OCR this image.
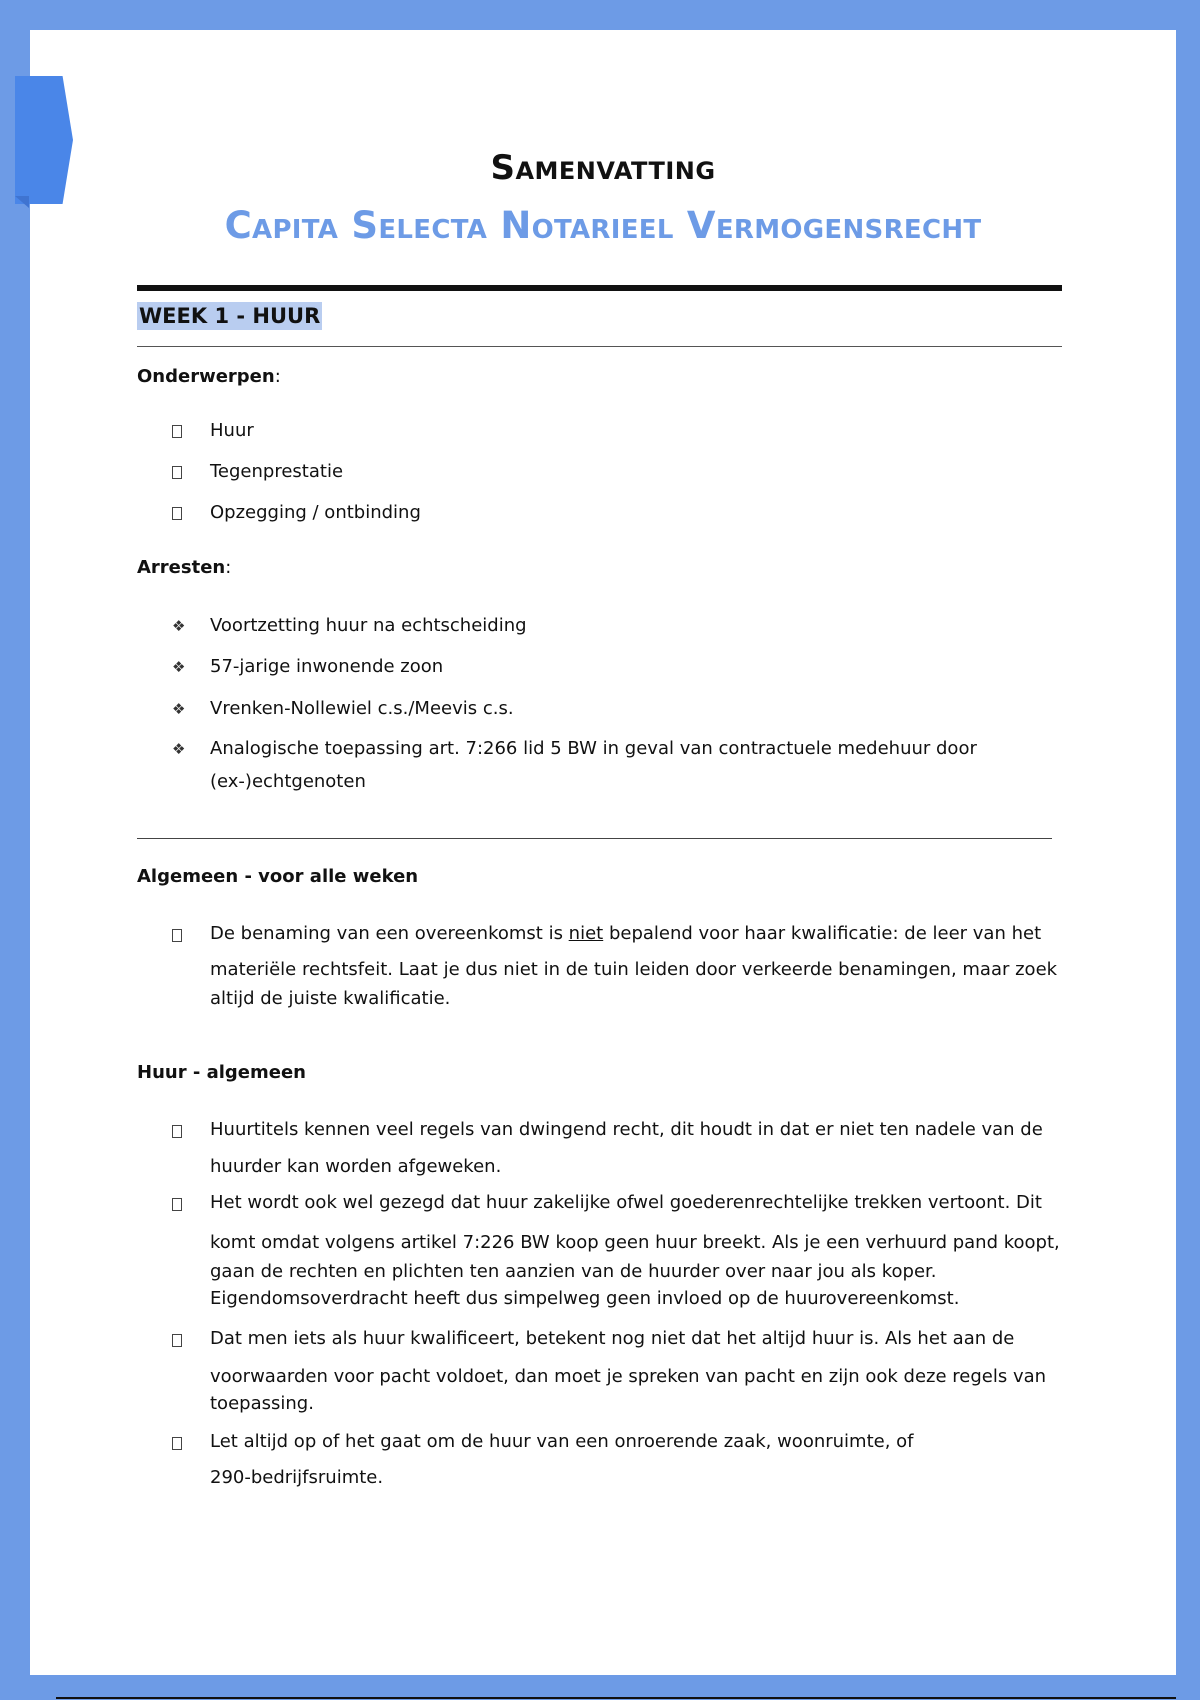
Samenvatting
Capita Selecta Notarieel Vermogensrecht
WEEK 1 - HUUR
Onderwerpen:
Huur
Tegenprestatie
Opzegging / ontbinding
Arresten:
❖ Voortzetting huur na echtscheiding
❖ 57-jarige inwonende zoon
❖ Vrenken-Nollewiel c.s./Meevis c.s.
❖ Analogische toepassing art. 7:266 lid 5 BW in geval van contractuele medehuur door
(ex-)echtgenoten
Algemeen - voor alle weken
De benaming van een overeenkomst is niet bepalend voor haar kwalificatie: de leer van het
materiële rechtsfeit. Laat je dus niet in de tuin leiden door verkeerde benamingen, maar zoek
altijd de juiste kwalificatie.
Huur - algemeen
Huurtitels kennen veel regels van dwingend recht, dit houdt in dat er niet ten nadele van de
huurder kan worden afgeweken.
Het wordt ook wel gezegd dat huur zakelijke ofwel goederenrechtelijke trekken vertoont. Dit
komt omdat volgens artikel 7:226 BW koop geen huur breekt. Als je een verhuurd pand koopt,
gaan de rechten en plichten ten aanzien van de huurder over naar jou als koper.
Eigendomsoverdracht heeft dus simpelweg geen invloed op de huurovereenkomst.
Dat men iets als huur kwalificeert, betekent nog niet dat het altijd huur is. Als het aan de
voorwaarden voor pacht voldoet, dan moet je spreken van pacht en zijn ook deze regels van
toepassing.
Let altijd op of het gaat om de huur van een onroerende zaak, woonruimte, of
290-bedrijfsruimte.
